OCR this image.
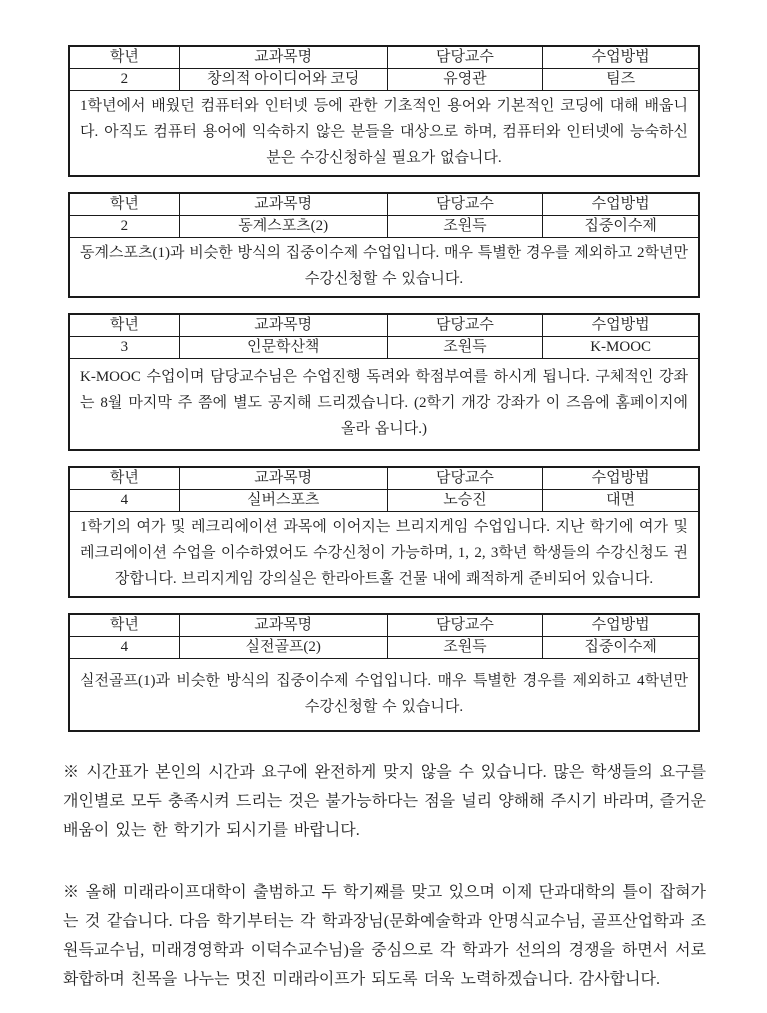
학년	교과목명	담당교수	수업방법
2	창의적 아이디어와 코딩	유영관	팀즈
1학년에서 배웠던 컴퓨터와 인터넷 등에 관한 기초적인 용어와 기본적인 코딩에 대해 배웁니다. 아직도 컴퓨터 용어에 익숙하지 않은 분들을 대상으로 하며, 컴퓨터와 인터넷에 능숙하신 분은 수강신청하실 필요가 없습니다.			
학년	교과목명	담당교수	수업방법
2	동계스포츠(2)	조원득	집중이수제
동계스포츠(1)과 비슷한 방식의 집중이수제 수업입니다. 매우 특별한 경우를 제외하고 2학년만 수강신청할 수 있습니다.			
학년	교과목명	담당교수	수업방법
3	인문학산책	조원득	K-MOOC
K-MOOC 수업이며 담당교수님은 수업진행 독려와 학점부여를 하시게 됩니다. 구체적인 강좌는 8월 마지막 주 쯤에 별도 공지해 드리겠습니다. (2학기 개강 강좌가 이 즈음에 홈페이지에 올라 옵니다.)			
학년	교과목명	담당교수	수업방법
4	실버스포츠	노승진	대면
1학기의 여가 및 레크리에이션 과목에 이어지는 브리지게임 수업입니다. 지난 학기에 여가 및 레크리에이션 수업을 이수하였어도 수강신청이 가능하며, 1, 2, 3학년 학생들의 수강신청도 권장합니다. 브리지게임 강의실은 한라아트홀 건물 내에 쾌적하게 준비되어 있습니다.			
학년	교과목명	담당교수	수업방법
4	실전골프(2)	조원득	집중이수제
실전골프(1)과 비슷한 방식의 집중이수제 수업입니다. 매우 특별한 경우를 제외하고 4학년만 수강신청할 수 있습니다.			

※ 시간표가 본인의 시간과 요구에 완전하게 맞지 않을 수 있습니다. 많은 학생들의 요구를 개인별로 모두 충족시켜 드리는 것은 불가능하다는 점을 널리 양해해 주시기 바라며, 즐거운 배움이 있는 한 학기가 되시기를 바랍니다.

※ 올해 미래라이프대학이 출범하고 두 학기째를 맞고 있으며 이제 단과대학의 틀이 잡혀가는 것 같습니다. 다음 학기부터는 각 학과장님(문화예술학과 안명식교수님, 골프산업학과 조원득교수님, 미래경영학과 이덕수교수님)을 중심으로 각 학과가 선의의 경쟁을 하면서 서로 화합하며 친목을 나누는 멋진 미래라이프가 되도록 더욱 노력하겠습니다. 감사합니다.
